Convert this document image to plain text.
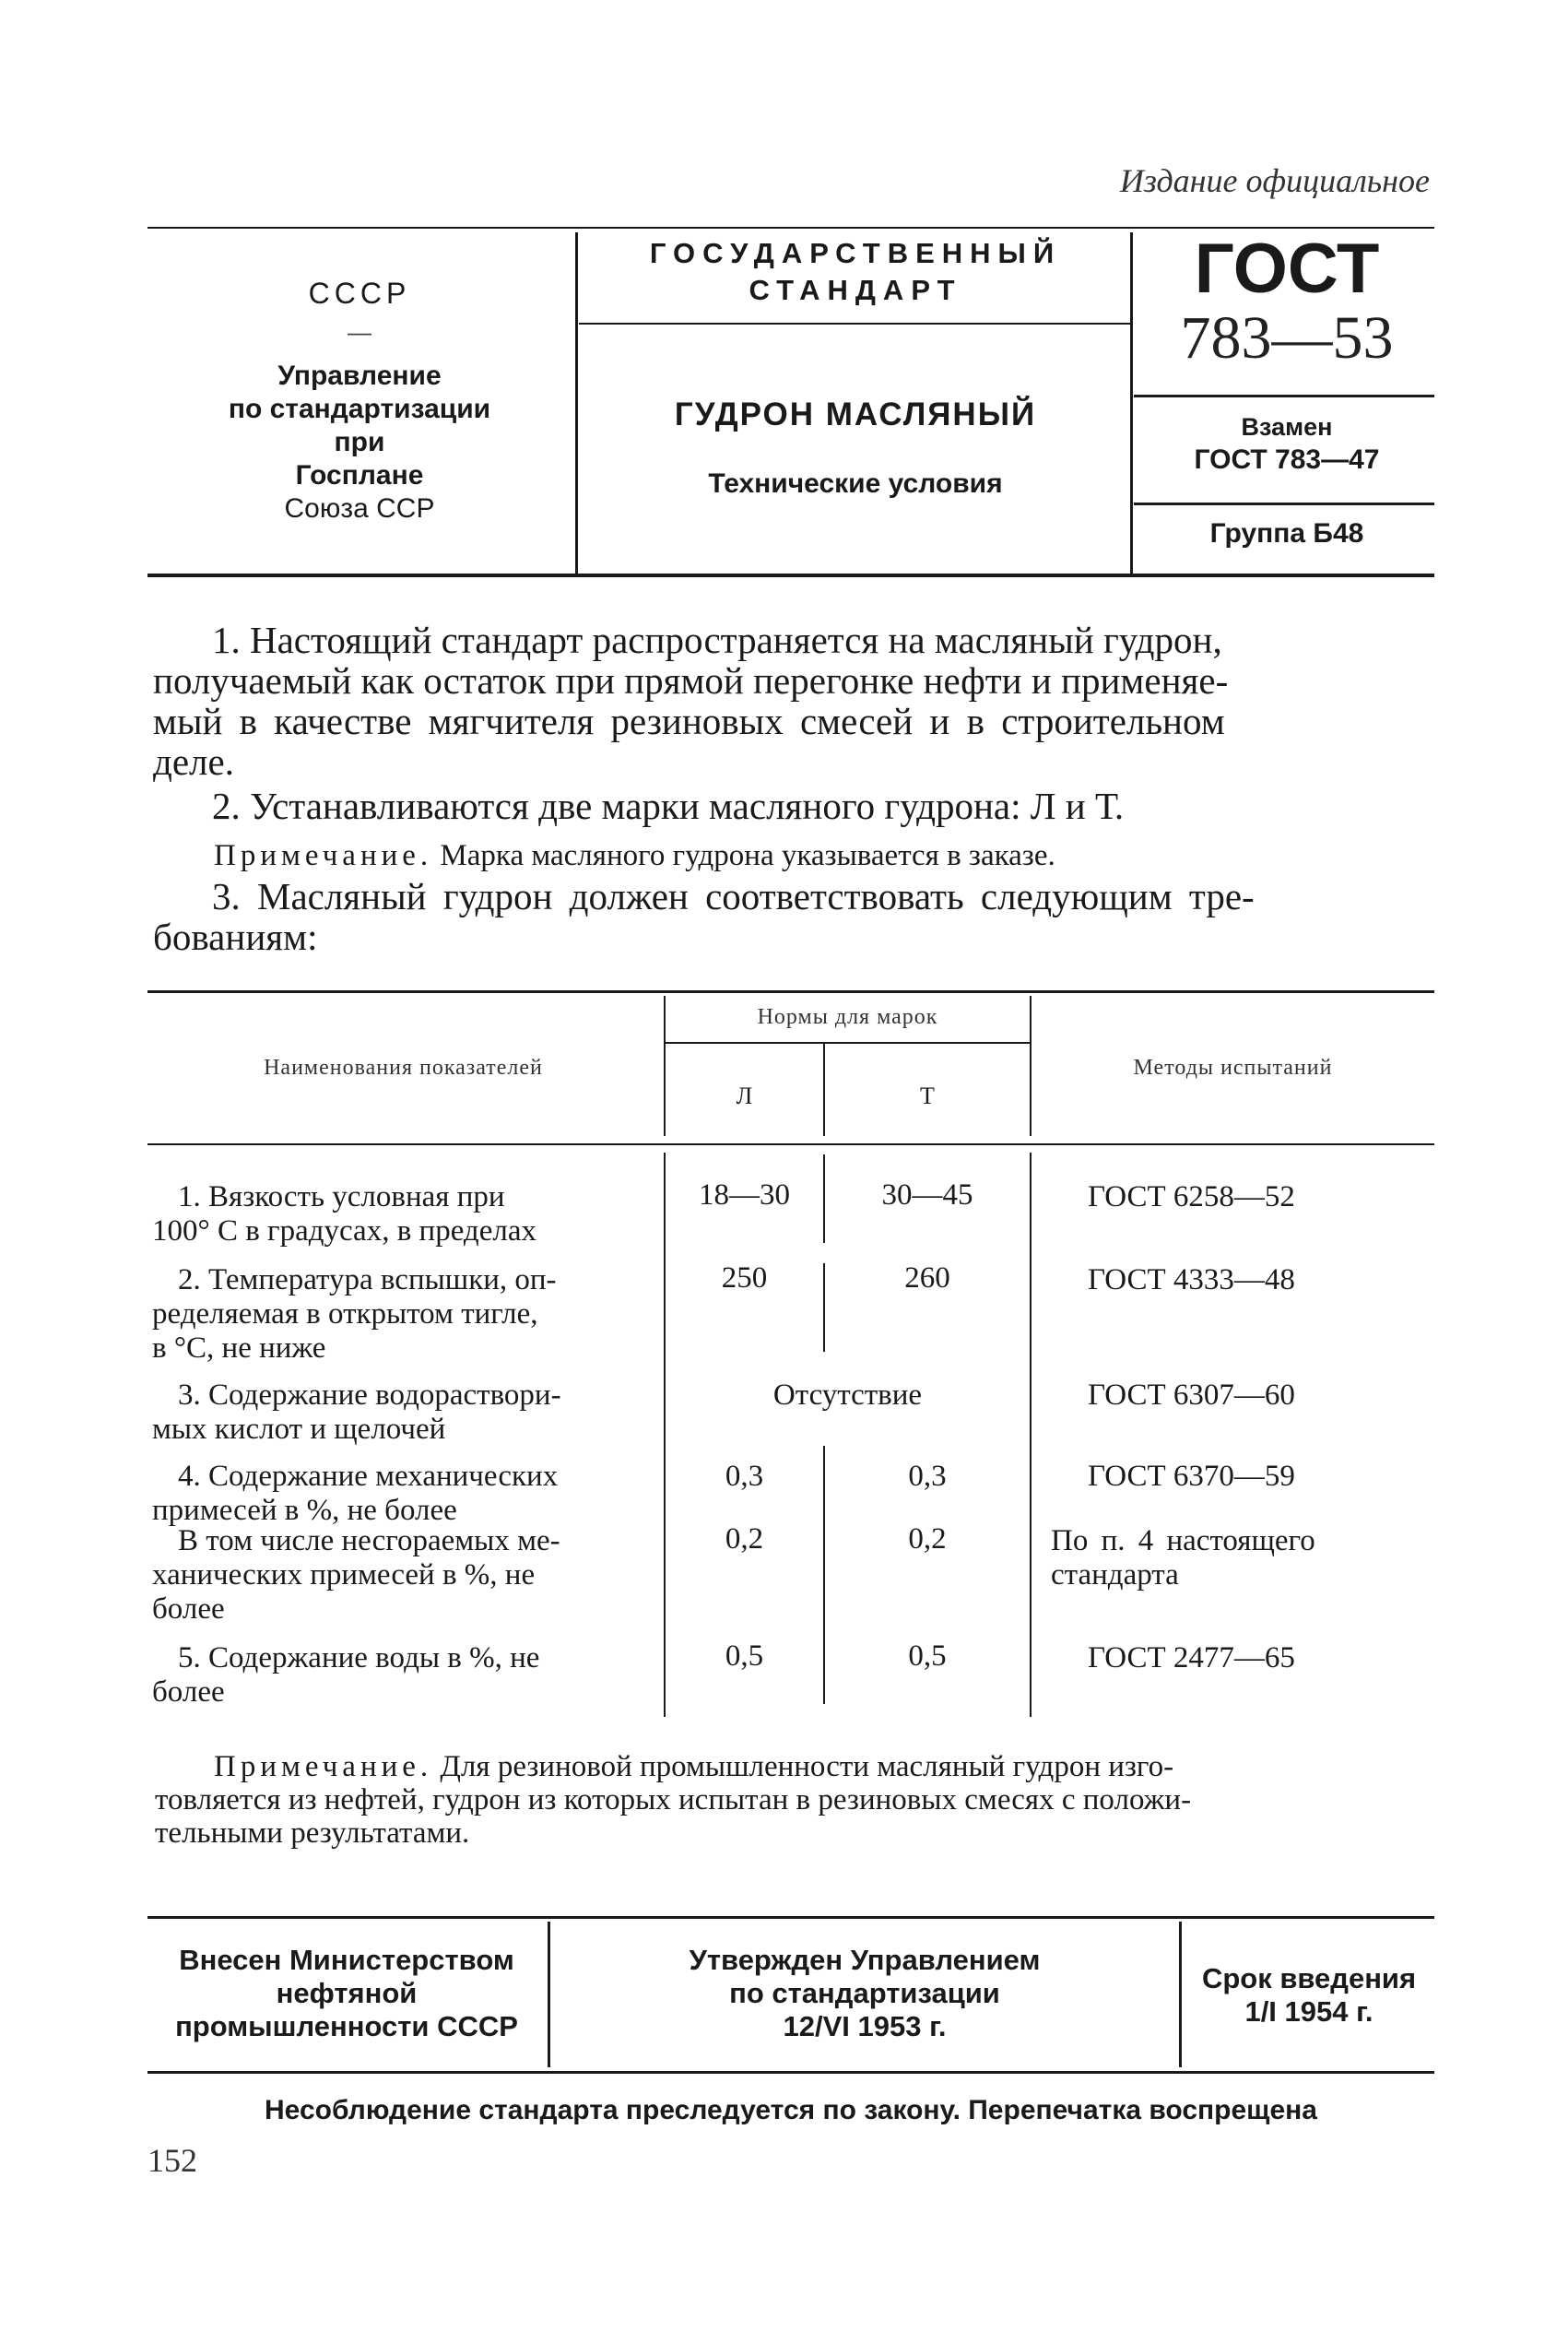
Издание официальное
СССР
—
Управление
по стандартизации
при
Госплане
Союза ССР
ГОСУДАРСТВЕННЫЙ
СТАНДАРТ
ГУДРОН МАСЛЯНЫЙ
Технические условия
ГОСТ
783—53
Взамен
ГОСТ 783—47
Группа Б48
1. Настоящий стандарт распространяется на масляный гудрон,
получаемый как остаток при прямой перегонке нефти и применяе-
мый в качестве мягчителя резиновых смесей и в строительном
деле.
2. Устанавливаются две марки масляного гудрона: Л и Т.
Примечание. Марка масляного гудрона указывается в заказе.
3. Масляный гудрон должен соответствовать следующим тре-
бованиям:
Наименования показателей
Нормы для марок
Л	Т
Методы испытаний
1. Вязкость условная при
100° С в градусах, в пределах
18—30	30—45	ГОСТ 6258—52
2. Температура вспышки, оп-
ределяемая в открытом тигле,
в °С, не ниже
250	260	ГОСТ 4333—48
3. Содержание водораствори-
мых кислот и щелочей
Отсутствие	ГОСТ 6307—60
4. Содержание механических
примесей в %, не более
0,3	0,3	ГОСТ 6370—59
В том числе несгораемых ме-
ханических примесей в %, не
более
0,2	0,2	По п. 4 настоящего
стандарта
5. Содержание воды в %, не
более
0,5	0,5	ГОСТ 2477—65
Примечание. Для резиновой промышленности масляный гудрон изго-
товляется из нефтей, гудрон из которых испытан в резиновых смесях с положи-
тельными результатами.
Внесен Министерством
нефтяной
промышленности СССР
Утвержден Управлением
по стандартизации
12/VI 1953 г.
Срок введения
1/I 1954 г.
Несоблюдение стандарта преследуется по закону. Перепечатка воспрещена
152
